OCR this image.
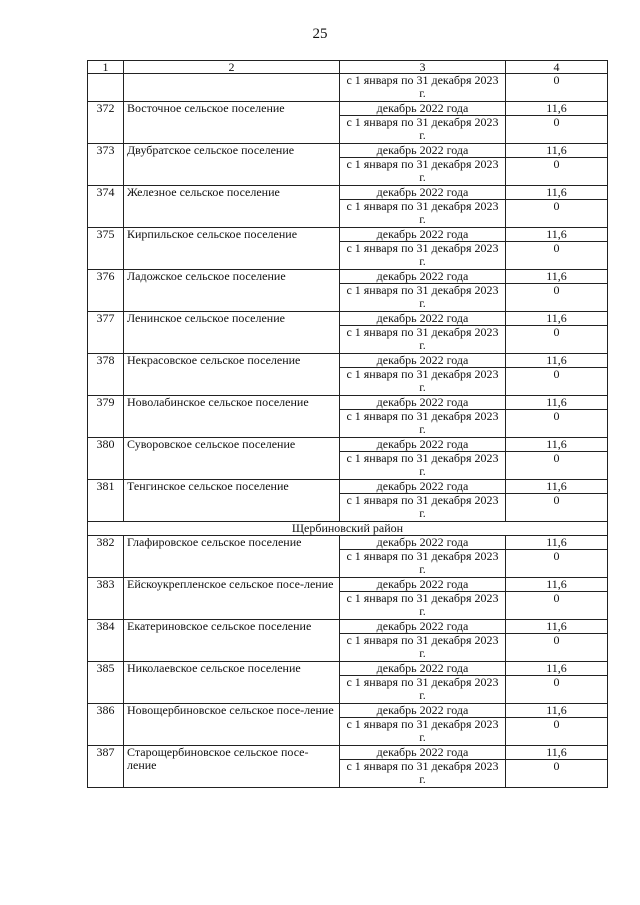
25
1	2	3	4
		с 1 января по 31 декабря 2023 г.	0
372	Восточное сельское поселение	декабрь 2022 года	11,6
		с 1 января по 31 декабря 2023 г.	0
373	Двубратское сельское поселение	декабрь 2022 года	11,6
		с 1 января по 31 декабря 2023 г.	0
374	Железное сельское поселение	декабрь 2022 года	11,6
		с 1 января по 31 декабря 2023 г.	0
375	Кирпильское сельское поселение	декабрь 2022 года	11,6
		с 1 января по 31 декабря 2023 г.	0
376	Ладожское сельское поселение	декабрь 2022 года	11,6
		с 1 января по 31 декабря 2023 г.	0
377	Ленинское сельское поселение	декабрь 2022 года	11,6
		с 1 января по 31 декабря 2023 г.	0
378	Некрасовское сельское поселение	декабрь 2022 года	11,6
		с 1 января по 31 декабря 2023 г.	0
379	Новолабинское сельское поселение	декабрь 2022 года	11,6
		с 1 января по 31 декабря 2023 г.	0
380	Суворовское сельское поселение	декабрь 2022 года	11,6
		с 1 января по 31 декабря 2023 г.	0
381	Тенгинское сельское поселение	декабрь 2022 года	11,6
		с 1 января по 31 декабря 2023 г.	0
Щербиновский район			
382	Глафировское сельское поселение	декабрь 2022 года	11,6
		с 1 января по 31 декабря 2023 г.	0
383	Ейскоукрепленское сельское посе-ление	декабрь 2022 года	11,6
		с 1 января по 31 декабря 2023 г.	0
384	Екатериновское сельское поселение	декабрь 2022 года	11,6
		с 1 января по 31 декабря 2023 г.	0
385	Николаевское сельское поселение	декабрь 2022 года	11,6
		с 1 января по 31 декабря 2023 г.	0
386	Новощербиновское сельское посе-ление	декабрь 2022 года	11,6
		с 1 января по 31 декабря 2023 г.	0
387	Старощербиновское сельское посе-ление	декабрь 2022 года	11,6
		с 1 января по 31 декабря 2023 г.	0
